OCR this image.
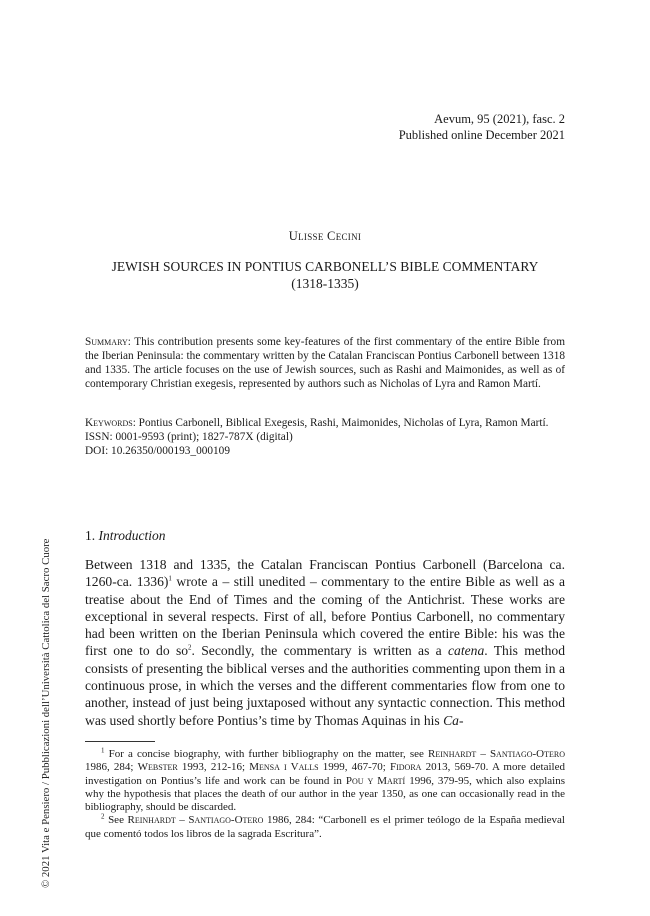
Aevum, 95 (2021), fasc. 2
Published online December 2021
Ulisse Cecini
JEWISH SOURCES IN PONTIUS CARBONELL’S BIBLE COMMENTARY
(1318-1335)
Summary: This contribution presents some key-features of the first commentary of the entire Bible from the Iberian Peninsula: the commentary written by the Catalan Franciscan Pontius Carbonell between 1318 and 1335. The article focuses on the use of Jewish sources, such as Rashi and Maimonides, as well as of contemporary Christian exegesis, represented by authors such as Nicholas of Lyra and Ramon Martí.
Keywords: Pontius Carbonell, Biblical Exegesis, Rashi, Maimonides, Nicholas of Lyra, Ramon Martí.
ISSN: 0001-9593 (print); 1827-787X (digital)
DOI: 10.26350/000193_000109
1. Introduction
Between 1318 and 1335, the Catalan Franciscan Pontius Carbonell (Barcelona ca. 1260-ca. 1336)$^1$ wrote a – still unedited – commentary to the entire Bible as well as a treatise about the End of Times and the coming of the Antichrist. These works are exceptional in several respects. First of all, before Pontius Carbonell, no commentary had been written on the Iberian Peninsula which covered the entire Bible: his was the first one to do $so^2$. Secondly, the commentary is written as a catena. This method consists of presenting the biblical verses and the authorities commenting upon them in a continuous prose, in which the verses and the different commentaries flow from one to another, instead of just being juxtaposed without any syntactic connection. This method was used shortly before Pontius’s time by Thomas Aquinas in his Ca-

$^1$ For a concise biography, with further bibliography on the matter, see Reinhardt – Santiago-Otero 1986, 284; Webster 1993, 212-16; Mensa i Valls 1999, 467-70; Fidora 2013, 569-70. A more detailed investigation on Pontius’s life and work can be found in Pou y Martí 1996, 379-95, which also explains why the hypothesis that places the death of our author in the year 1350, as one can occasionally read in the bibliography, should be discarded.

$^2$ See Reinhardt – Santiago-Otero 1986, 284: “Carbonell es el primer teólogo de la España medieval que comentó todos los libros de la sagrada Escritura”.

© 2021 Vita e Pensiero / Pubblicazioni dell’Università Cattolica del Sacro Cuore
